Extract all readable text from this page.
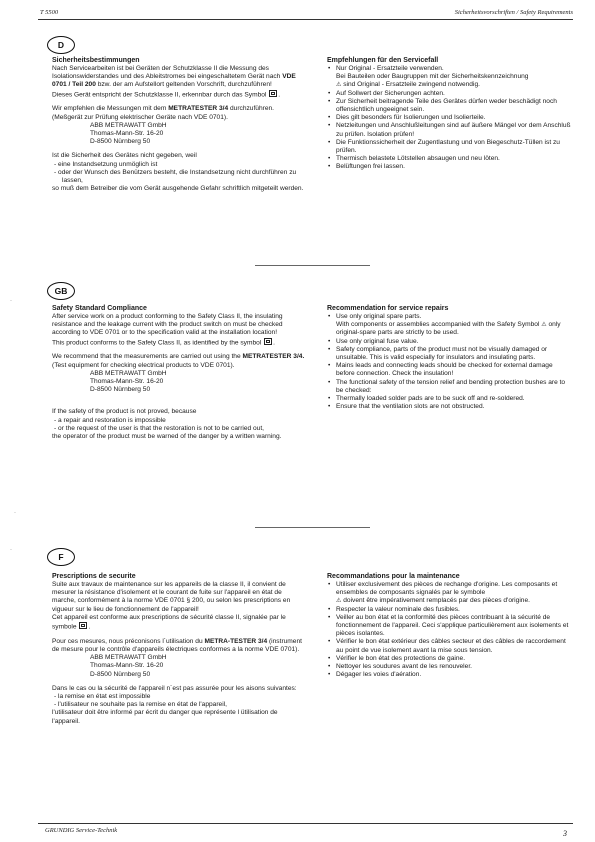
T 5500	Sicherheitsvorschriften / Safety Requirements
D
Sicherheitsbestimmungen

Nach Servicearbeiten ist bei Geräten der Schutzklasse II die Messung des Isolationswiderstandes und des Ableitstromes bei eingeschaltetem Gerät nach VDE 0701 / Teil 200 bzw. der am Aufstellort geltenden Vorschrift, durchzuführen!

Dieses Gerät entspricht der Schutzklasse II, erkennbar durch das Symbol .

Wir empfehlen die Messungen mit dem METRATESTER 3/4 durchzuführen. (Meßgerät zur Prüfung elektrischer Geräte nach VDE 0701).

ABB METRAWATT GmbH
Thomas-Mann-Str. 16-20
D-8500 Nürnberg 50

Ist die Sicherheit des Gerätes nicht gegeben, weil

- eine Instandsetzung unmöglich ist
- oder der Wunsch des Benützers besteht, die Instandsetzung nicht durchführen zu lassen,

so muß dem Betreiber die vom Gerät ausgehende Gefahr schriftlich mitgeteilt werden.

Empfehlungen für den Servicefall
• Nur Original - Ersatzteile verwenden.
Bei Bauteilen oder Baugruppen mit der Sicherheitskennzeichnung
⚠ sind Original - Ersatzteile zwingend notwendig.
• Auf Sollwert der Sicherungen achten.
• Zur Sicherheit beitragende Teile des Gerätes dürfen weder beschädigt noch offensichtlich ungeeignet sein.
• Dies gilt besonders für Isolierungen und Isolierteile.
• Netzleitungen und Anschlußleitungen sind auf äußere Mängel vor dem Anschluß zu prüfen. Isolation prüfen!
• Die Funktionssicherheit der Zugentlastung und von Biegeschutz-Tüllen ist zu prüfen.
• Thermisch belastete Lötstellen absaugen und neu löten.
• Belüftungen frei lassen.
GB
Safety Standard Compliance

After service work on a product conforming to the Safety Class II, the insulating resistance and the leakage current with the product switch on must be checked according to VDE 0701 or to the specification valid at the installation location!

This product conforms to the Safety Class II, as identified by the symbol .

We recommend that the measurements are carried out using the METRATESTER 3/4. (Test equipment for checking electrical products to VDE 0701).

ABB METRAWATT GmbH
Thomas-Mann-Str. 16-20
D-8500 Nürnberg 50

If the safety of the product is not proved, because

- a repair and restoration is impossible
- or the request of the user is that the restoration is not to be carried out,

the operator of the product must be warned of the danger by a written warning.

Recommendation for service repairs
• Use only original spare parts.
With components or assemblies accompanied with the Safety Symbol ⚠ only original-spare parts are strictly to be used.
• Use only original fuse value.
• Safety compliance, parts of the product must not be visually damaged or unsuitable. This is valid especially for insulators and insulating parts.
• Mains leads and connecting leads should be checked for external damage before connection. Check the insulation!
• The functional safety of the tension relief and bending protection bushes are to be checked:
• Thermally loaded solder pads are to be suck off and re-soldered.
• Ensure that the ventilation slots are not obstructed.
F
Prescriptions de securite

Suite aux travaux de maintenance sur les appareils de la classe II, il convient de mesurer la résistance d'isolement et le courant de fuite sur l'appareil en état de marche, conformément à la norme VDE 0701 § 200, ou selon les prescriptions en vigueur sur le lieu de fonctionnement de l'appareil!

Cet appareil est conforme aux prescriptions de sécurité classe II, signalée par le symbole .

Pour ces mesures, nous préconisons l´utilisation du METRA-TESTER 3/4 (instrument de mesure pour le contrôle d'appareils électriques conformes a la norme VDE 0701).

ABB METRAWATT GmbH
Thomas-Mann-Str. 16-20
D-8500 Nürnberg 50

Dans le cas ou la sécurité de l'appareil n´est pas assurée pour les aisons suivantes:

- la remise en état est impossible
- l'utilisateur ne souhaite pas la remise en état de l'appareil,

l'utilisateur doit être informé par écrit du danger que représente l ütilisation de l'appareil.

Recommandations pour la maintenance
• Utiliser exclusivement des pièces de rechange d'origine. Les composants et ensembles de composants signalés par le symbole
⚠ doivent être impérativement remplacés par des pièces d'origine.
• Respecter la valeur nominale des fusibles.
• Veiller au bon état et la conformité des pièces contribuant à la sécurité de fonctionnement de l'appareil. Ceci s'applique particulièrement aux isolements et pièces isolantes.
• Vérifier le bon état extérieur des câbles secteur et des câbles de raccordement au point de vue isolement avant la mise sous tension.
• Vérifier le bon état des protections de gaine.
• Nettoyer les soudures avant de les renouveler.
• Dégager les voies d'aération.
·
·
·
GRUNDIG Service-Technik	3
